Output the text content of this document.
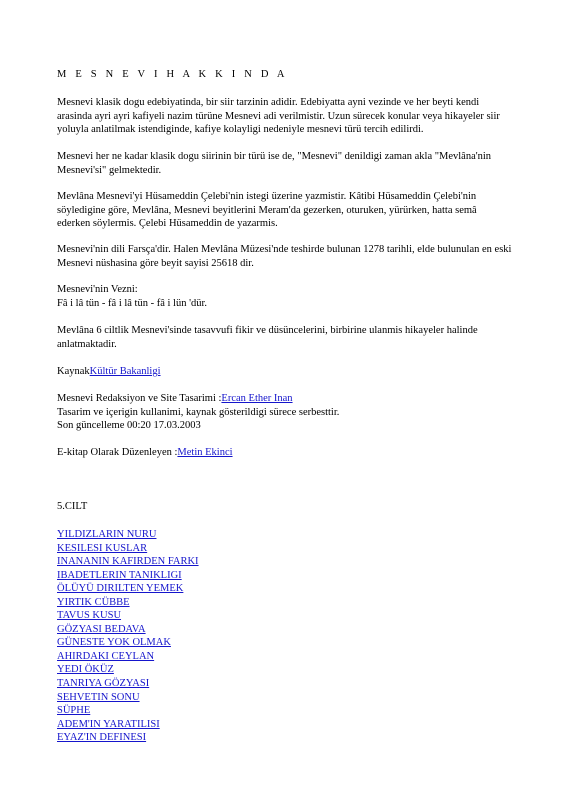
M E S N E V I H A K K I N D A

Mesnevi klasik dogu edebiyatinda, bir siir tarzinin adidir. Edebiyatta ayni vezinde ve her beyti kendi arasinda ayri ayri kafiyeli nazim türüne Mesnevi adi verilmistir. Uzun sürecek konular veya hikayeler siir yoluyla anlatilmak istendiginde, kafiye kolayligi nedeniyle mesnevi türü tercih edilirdi.

Mesnevi her ne kadar klasik dogu siirinin bir türü ise de, "Mesnevi" denildigi zaman akla "Mevlâna'nin Mesnevi'si" gelmektedir.

Mevlâna Mesnevi'yi Hüsameddin Çelebi'nin istegi üzerine yazmistir. Kâtibi Hüsameddin Çelebi'nin söyledigine göre, Mevlâna, Mesnevi beyitlerini Meram'da gezerken, oturuken, yürürken, hatta semâ ederken söylermis. Çelebi Hüsameddin de yazarmis.

Mesnevi'nin dili Farsça'dir. Halen Mevlâna Müzesi'nde teshirde bulunan 1278 tarihli, elde bulunulan en eski Mesnevi nüshasina göre beyit sayisi 25618 dir.

Mesnevi'nin Vezni:
Fâ i lâ tün - fâ i lâ tün - fâ i lün 'dür.

Mevlâna 6 ciltlik Mesnevi'sinde tasavvufi fikir ve düsüncelerini, birbirine ulanmis hikayeler halinde anlatmaktadir.

KaynakKültür Bakanligi
Mesnevi Redaksiyon ve Site Tasarimi :Ercan Ether Inan
Tasarim ve içerigin kullanimi, kaynak gösterildigi sürece serbesttir.
Son güncelleme 00:20 17.03.2003
E-kitap Olarak Düzenleyen :Metin Ekinci
5.CILT
YILDIZLARIN NURU
KESILESI KUSLAR
INANANIN KAFIRDEN FARKI
IBADETLERIN TANIKLIGI
ÖLÜYÜ DIRILTEN YEMEK
YIRTIK CÜBBE
TAVUS KUSU
GÖZYASI BEDAVA
GÜNESTE YOK OLMAK
AHIRDAKI CEYLAN
YEDI ÖKÜZ
TANRIYA GÖZYASI
SEHVETIN SONU
SÜPHE
ADEM'IN YARATILISI
EYAZ'IN DEFINESI
